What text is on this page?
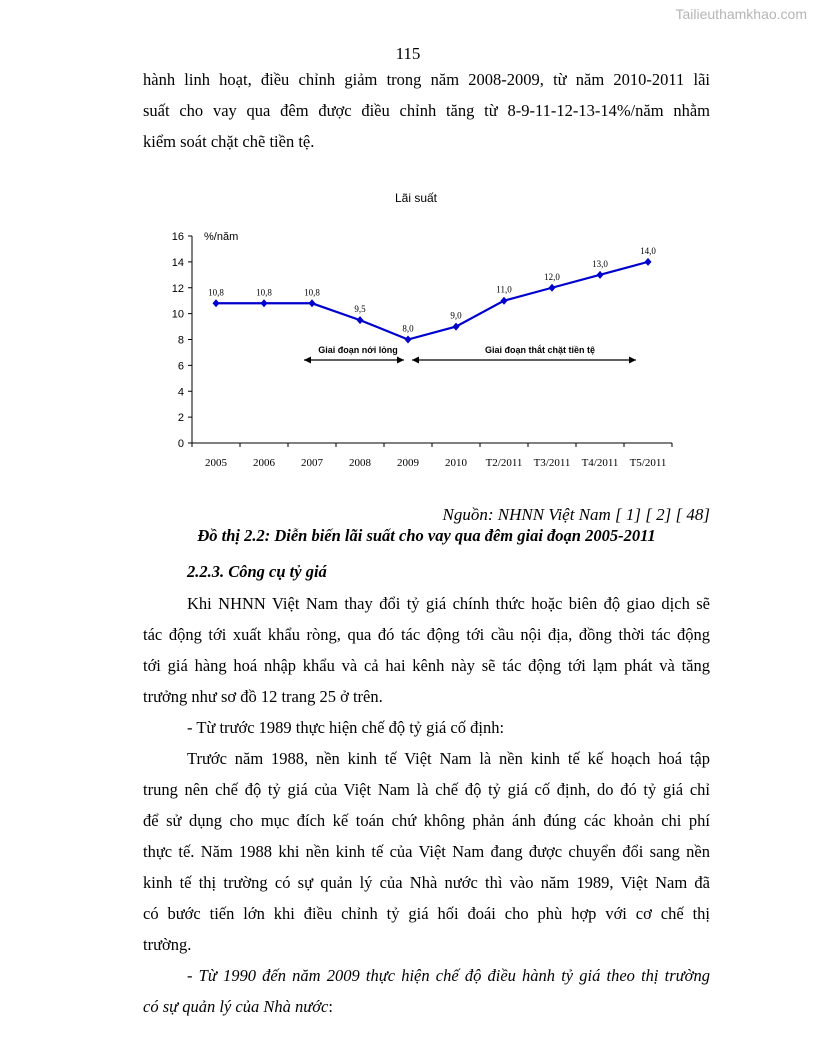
Tailieuthamkhao.com
115
hành linh hoạt, điều chỉnh giảm trong năm 2008-2009, từ năm 2010-2011 lãi
suất cho vay qua đêm được điều chỉnh tăng từ 8-9-11-12-13-14%/năm nhằm
kiểm soát chặt chẽ tiền tệ.
Lãi suất
%/năm
0
2
4
6
8
10
12
14
16
2005 2006 2007 2008 2009 2010 T2/2011 T3/2011 T4/2011 T5/2011
10,8	10,8	10,8
9,5
8,0
9,0
11,0
12,0
13,0
14,0
Giai đoạn nới lỏng	Giai đoạn thắt chặt tiền tệ
Nguồn: NHNN Việt Nam [ 1] [ 2] [ 48]
Đồ thị 2.2: Diễn biến lãi suất cho vay qua đêm giai đoạn 2005-2011
2.2.3. Công cụ tỷ giá
Khi NHNN Việt Nam thay đổi tỷ giá chính thức hoặc biên độ giao dịch sẽ
tác động tới xuất khẩu ròng, qua đó tác động tới cầu nội địa, đồng thời tác động
tới giá hàng hoá nhập khẩu và cả hai kênh này sẽ tác động tới lạm phát và tăng
trưởng như sơ đồ 12 trang 25 ở trên.
- Từ trước 1989 thực hiện chế độ tỷ giá cố định:
Trước năm 1988, nền kinh tế Việt Nam là nền kinh tế kế hoạch hoá tập
trung nên chế độ tỷ giá của Việt Nam là chế độ tỷ giá cố định, do đó tỷ giá chỉ
để sử dụng cho mục đích kế toán chứ không phản ánh đúng các khoản chi phí
thực tế. Năm 1988 khi nền kinh tế của Việt Nam đang được chuyển đổi sang nền
kinh tế thị trường có sự quản lý của Nhà nước thì vào năm 1989, Việt Nam đã
có bước tiến lớn khi điều chỉnh tỷ giá hối đoái cho phù hợp với cơ chế thị
trường.
- Từ 1990 đến năm 2009 thực hiện chế độ điều hành tỷ giá theo thị trường
có sự quản lý của Nhà nước:
